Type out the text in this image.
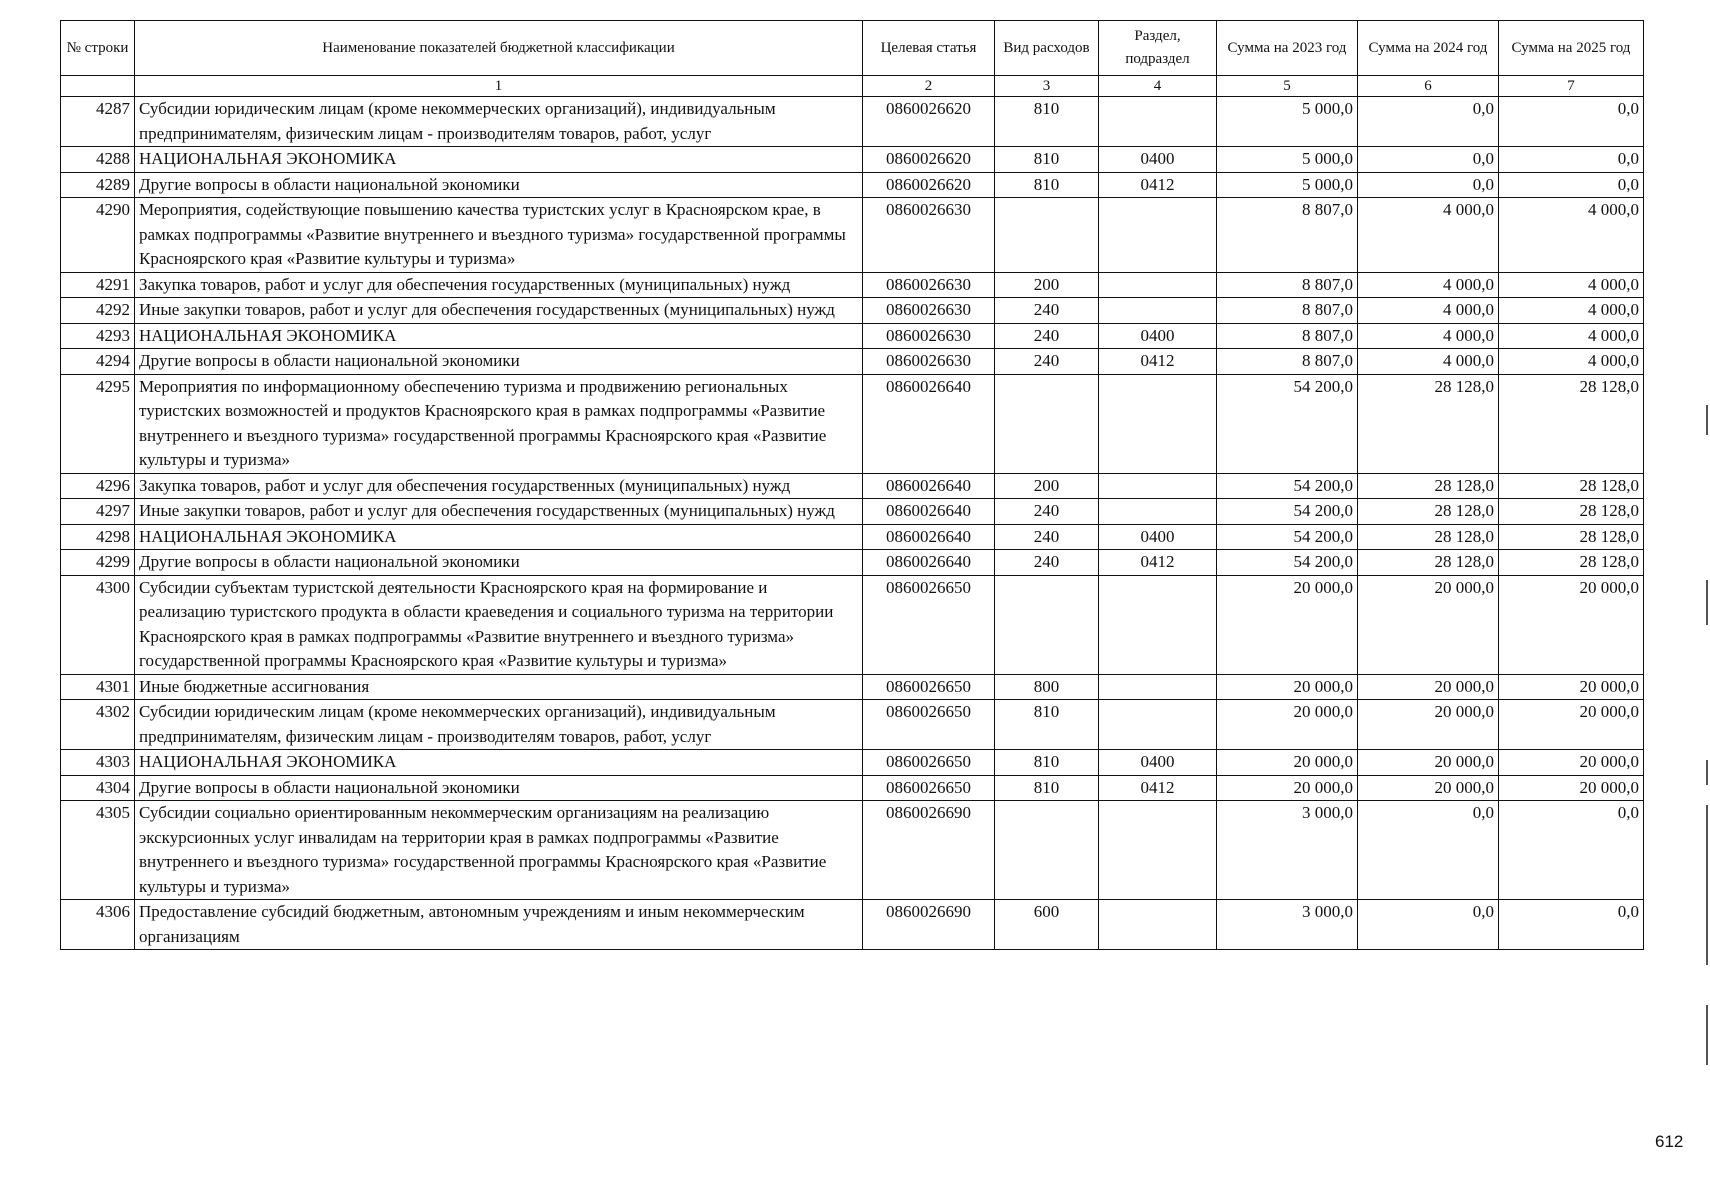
№ строки	Наименование показателей бюджетной классификации	Целевая статья	Вид расходов	Раздел, подраздел	Сумма на 2023 год	Сумма на 2024 год	Сумма на 2025 год
	1	2	3	4	5	6	7
4287	Субсидии юридическим лицам (кроме некоммерческих организаций), индивидуальным предпринимателям, физическим лицам - производителям товаров, работ, услуг	0860026620	810		5 000,0	0,0	0,0
4288	НАЦИОНАЛЬНАЯ ЭКОНОМИКА	0860026620	810	0400	5 000,0	0,0	0,0
4289	Другие вопросы в области национальной экономики	0860026620	810	0412	5 000,0	0,0	0,0
4290	Мероприятия, содействующие повышению качества туристских услуг в Красноярском крае, в рамках подпрограммы «Развитие внутреннего и въездного туризма» государственной программы Красноярского края «Развитие культуры и туризма»	0860026630			8 807,0	4 000,0	4 000,0
4291	Закупка товаров, работ и услуг для обеспечения государственных (муниципальных) нужд	0860026630	200		8 807,0	4 000,0	4 000,0
4292	Иные закупки товаров, работ и услуг для обеспечения государственных (муниципальных) нужд	0860026630	240		8 807,0	4 000,0	4 000,0
4293	НАЦИОНАЛЬНАЯ ЭКОНОМИКА	0860026630	240	0400	8 807,0	4 000,0	4 000,0
4294	Другие вопросы в области национальной экономики	0860026630	240	0412	8 807,0	4 000,0	4 000,0
4295	Мероприятия по информационному обеспечению туризма и продвижению региональных туристских возможностей и продуктов Красноярского края в рамках подпрограммы «Развитие внутреннего и въездного туризма» государственной программы Красноярского края «Развитие культуры и туризма»	0860026640			54 200,0	28 128,0	28 128,0
4296	Закупка товаров, работ и услуг для обеспечения государственных (муниципальных) нужд	0860026640	200		54 200,0	28 128,0	28 128,0
4297	Иные закупки товаров, работ и услуг для обеспечения государственных (муниципальных) нужд	0860026640	240		54 200,0	28 128,0	28 128,0
4298	НАЦИОНАЛЬНАЯ ЭКОНОМИКА	0860026640	240	0400	54 200,0	28 128,0	28 128,0
4299	Другие вопросы в области национальной экономики	0860026640	240	0412	54 200,0	28 128,0	28 128,0
4300	Субсидии субъектам туристской деятельности Красноярского края на формирование и реализацию туристского продукта в области краеведения и социального туризма на территории Красноярского края в рамках подпрограммы «Развитие внутреннего и въездного туризма» государственной программы Красноярского края «Развитие культуры и туризма»	0860026650			20 000,0	20 000,0	20 000,0
4301	Иные бюджетные ассигнования	0860026650	800		20 000,0	20 000,0	20 000,0
4302	Субсидии юридическим лицам (кроме некоммерческих организаций), индивидуальным предпринимателям, физическим лицам - производителям товаров, работ, услуг	0860026650	810		20 000,0	20 000,0	20 000,0
4303	НАЦИОНАЛЬНАЯ ЭКОНОМИКА	0860026650	810	0400	20 000,0	20 000,0	20 000,0
4304	Другие вопросы в области национальной экономики	0860026650	810	0412	20 000,0	20 000,0	20 000,0
4305	Субсидии социально ориентированным некоммерческим организациям на реализацию экскурсионных услуг инвалидам на территории края в рамках подпрограммы «Развитие внутреннего и въездного туризма» государственной программы Красноярского края «Развитие культуры и туризма»	0860026690			3 000,0	0,0	0,0
4306	Предоставление субсидий бюджетным, автономным учреждениям и иным некоммерческим организациям	0860026690	600		3 000,0	0,0	0,0
612
